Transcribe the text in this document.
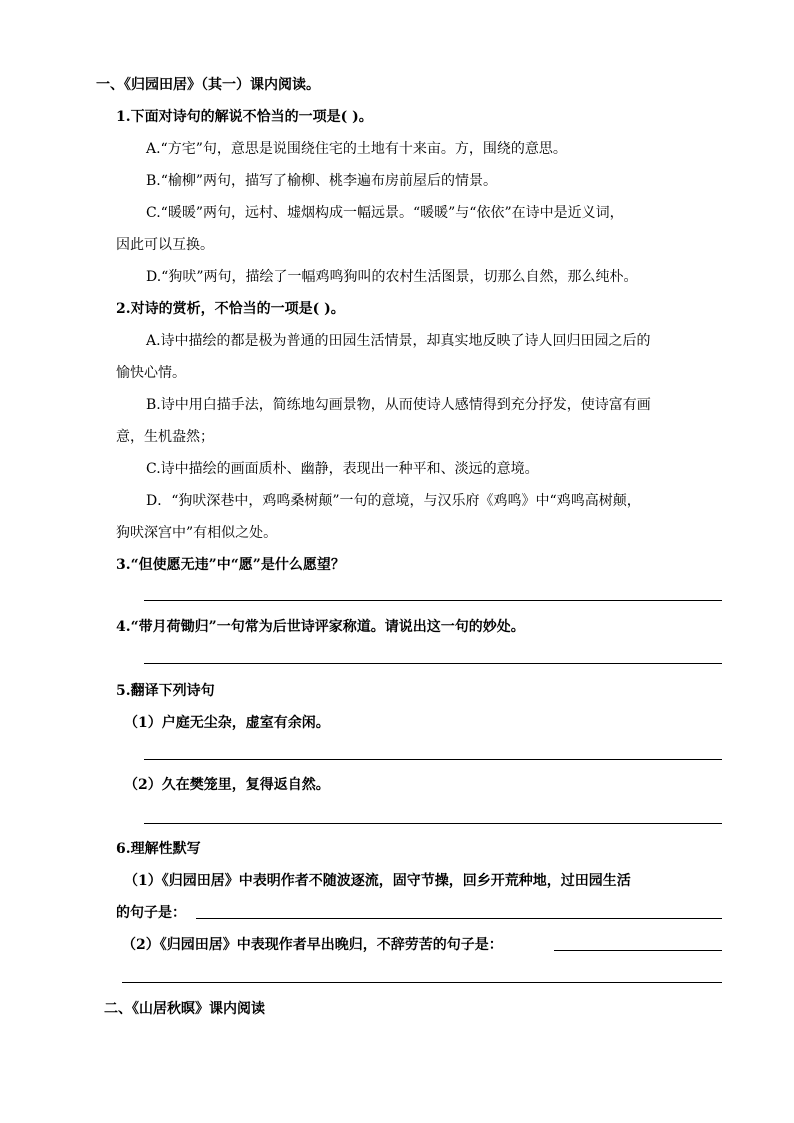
一、《归园田居》（其一）课内阅读。
1.下面对诗句的解说不恰当的一项是( )。
A.“方宅”句，意思是说围绕住宅的土地有十来亩。方，围绕的意思。
B.“榆柳”两句，描写了榆柳、桃李遍布房前屋后的情景。
C.“暖暖”两句，远村、墟烟构成一幅远景。“暖暖”与“依依”在诗中是近义词，
因此可以互换。
D.“狗吠”两句，描绘了一幅鸡鸣狗叫的农村生活图景，切那么自然，那么纯朴。
2.对诗的赏析，不恰当的一项是( )。
A.诗中描绘的都是极为普通的田园生活情景，却真实地反映了诗人回归田园之后的
愉快心情。
B.诗中用白描手法，简练地勾画景物，从而使诗人感情得到充分抒发，使诗富有画
意，生机盎然；
C.诗中描绘的画面质朴、幽静，表现出一种平和、淡远的意境。
D．“狗吠深巷中，鸡鸣桑树颠”一句的意境，与汉乐府《鸡鸣》中“鸡鸣高树颠，
狗吠深宫中”有相似之处。
3.“但使愿无违”中“愿”是什么愿望？
4.“带月荷锄归”一句常为后世诗评家称道。请说出这一句的妙处。
5.翻译下列诗句
（1）户庭无尘杂，虚室有余闲。
（2）久在樊笼里，复得返自然。
6.理解性默写
（1）《归园田居》中表明作者不随波逐流，固守节操，回乡开荒种地，过田园生活
的句子是：
（2）《归园田居》中表现作者早出晚归，不辞劳苦的句子是：
二、《山居秋暝》课内阅读
